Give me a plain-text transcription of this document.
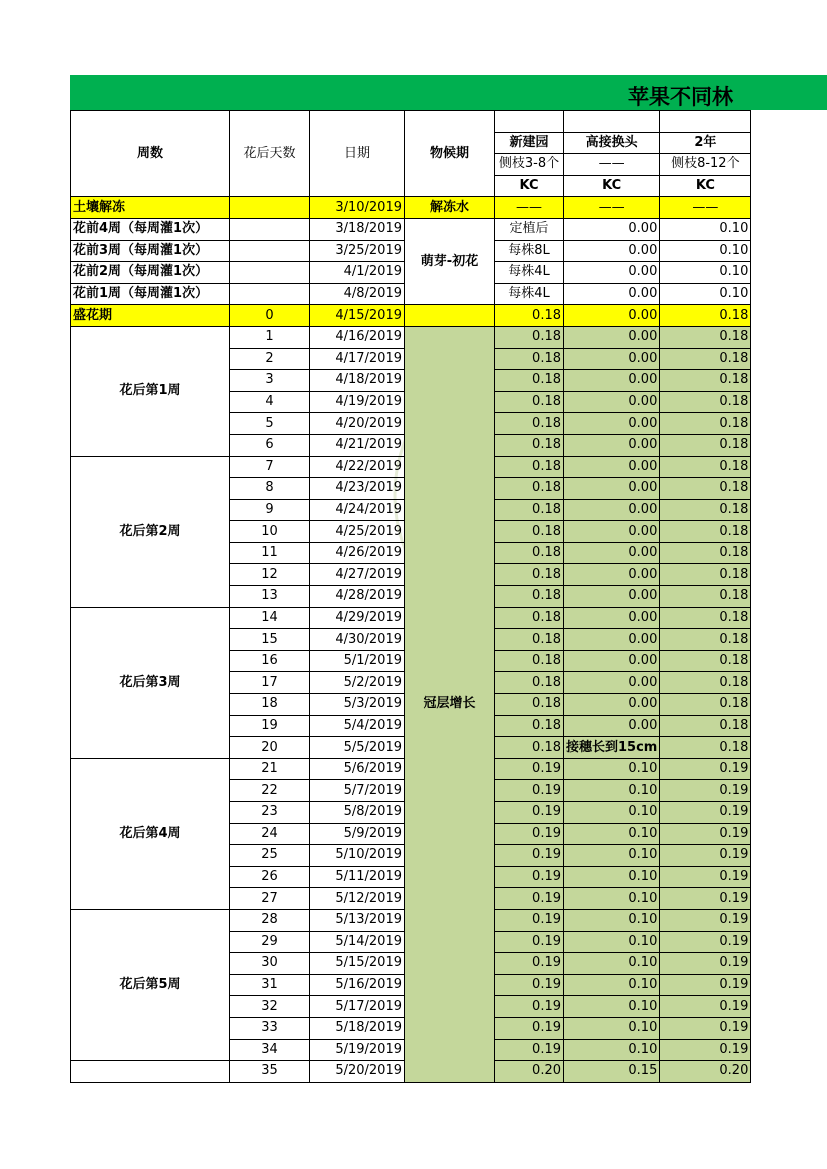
苹果不同林
周数	花后天数	日期	物候期			
				新建园	高接换头	2年
				侧枝3-8个	——	侧枝8-12个
				KC	KC	KC
土壤解冻		3/10/2019	解冻水	——	——	——
花前4周（每周灌1次）		3/18/2019	萌芽-初花	定植后	0.00	0.10
花前3周（每周灌1次）		3/25/2019		每株8L	0.00	0.10
花前2周（每周灌1次）		4/1/2019		每株4L	0.00	0.10
花前1周（每周灌1次）		4/8/2019		每株4L	0.00	0.10
盛花期	0	4/15/2019		0.18	0.00	0.18
花后第1周	1	4/16/2019	冠层增长	0.18	0.00	0.18
	2	4/17/2019		0.18	0.00	0.18
	3	4/18/2019		0.18	0.00	0.18
	4	4/19/2019		0.18	0.00	0.18
	5	4/20/2019		0.18	0.00	0.18
	6	4/21/2019		0.18	0.00	0.18
花后第2周	7	4/22/2019		0.18	0.00	0.18
	8	4/23/2019		0.18	0.00	0.18
	9	4/24/2019		0.18	0.00	0.18
	10	4/25/2019		0.18	0.00	0.18
	11	4/26/2019		0.18	0.00	0.18
	12	4/27/2019		0.18	0.00	0.18
	13	4/28/2019		0.18	0.00	0.18
花后第3周	14	4/29/2019		0.18	0.00	0.18
	15	4/30/2019		0.18	0.00	0.18
	16	5/1/2019		0.18	0.00	0.18
	17	5/2/2019		0.18	0.00	0.18
	18	5/3/2019		0.18	0.00	0.18
	19	5/4/2019		0.18	0.00	0.18
	20	5/5/2019		0.18	接穗长到15cm	0.18
花后第4周	21	5/6/2019		0.19	0.10	0.19
	22	5/7/2019		0.19	0.10	0.19
	23	5/8/2019		0.19	0.10	0.19
	24	5/9/2019		0.19	0.10	0.19
	25	5/10/2019		0.19	0.10	0.19
	26	5/11/2019		0.19	0.10	0.19
	27	5/12/2019		0.19	0.10	0.19
花后第5周	28	5/13/2019		0.19	0.10	0.19
	29	5/14/2019		0.19	0.10	0.19
	30	5/15/2019		0.19	0.10	0.19
	31	5/16/2019		0.19	0.10	0.19
	32	5/17/2019		0.19	0.10	0.19
	33	5/18/2019		0.19	0.10	0.19
	34	5/19/2019		0.19	0.10	0.19
	35	5/20/2019		0.20	0.15	0.20
